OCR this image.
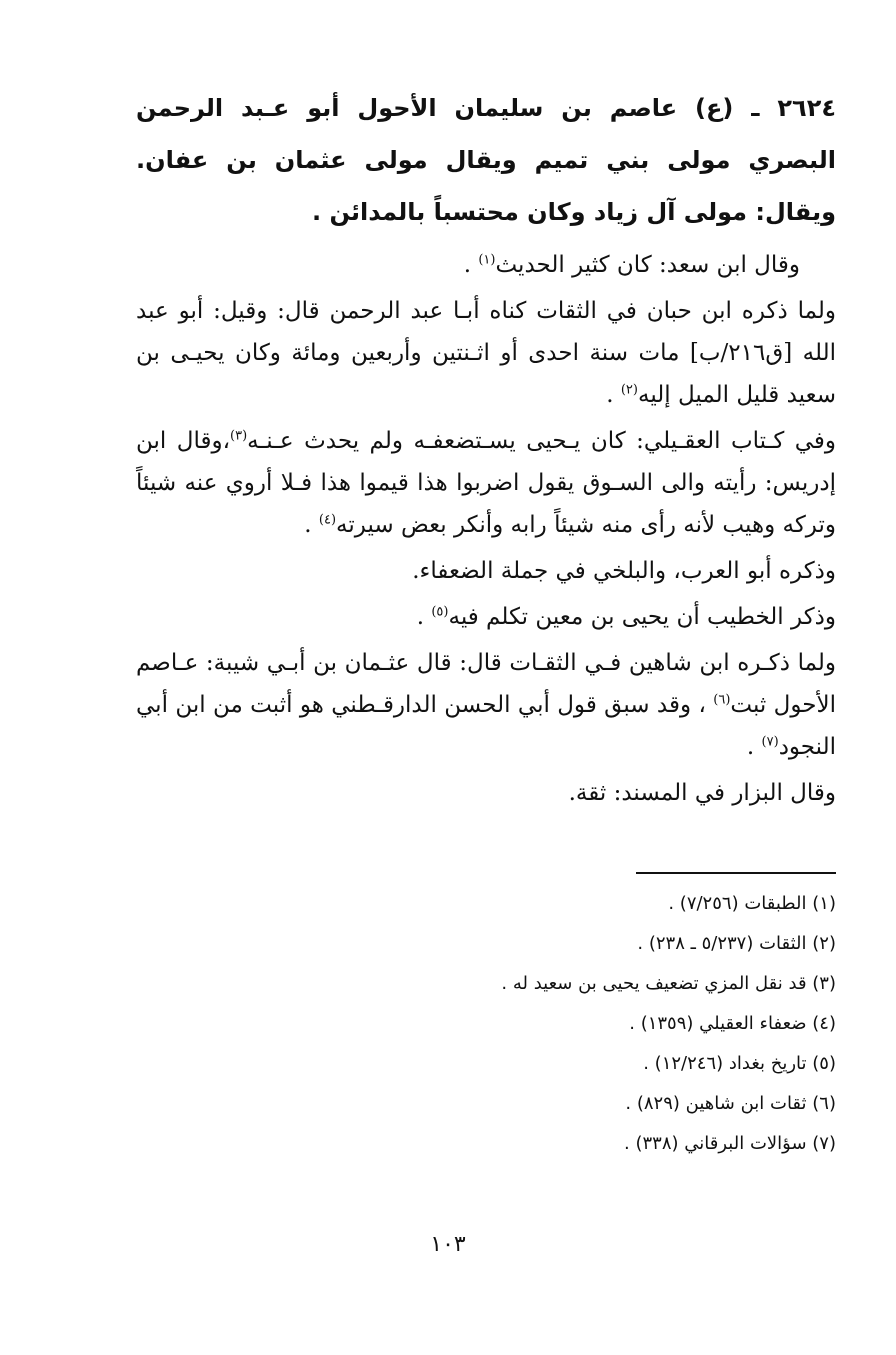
٢٦٢٤ ـ (ع) عاصم بن سليمان الأحول أبو عـبد الرحمن البصري مولى بني تميم ويقال مولى عثمان بن عفان. ويقال: مولى آل زياد وكان محتسباً بالمدائن .

وقال ابن سعد: كان كثير الحديث$^{(١)}$ .

ولما ذكره ابن حبان في الثقات كناه أبـا عبد الرحمن قال: وقيل: أبو عبد الله [ق٢١٦/ب] مات سنة احدى أو اثـنتين وأربعين ومائة وكان يحيـى بن سعيد قليل الميل إليه$^{(٢)}$ .

وفي كـتاب العقـيلي: كان يـحيى يسـتضعفـه ولم يحدث عـنـه$^{(٣)}$،وقال ابن إدريس: رأيته والى السـوق يقول اضربوا هذا قيموا هذا فـلا أروي عنه شيئاً وتركه وهيب لأنه رأى منه شيئاً رابه وأنكر بعض سيرته$^{(٤)}$ .

وذكره أبو العرب، والبلخي في جملة الضعفاء.

وذكر الخطيب أن يحيى بن معين تكلم فيه$^{(٥)}$ .

ولما ذكـره ابن شاهين فـي الثقـات قال: قال عثـمان بن أبـي شيبة: عـاصم الأحول ثبت$^{(٦)}$ ، وقد سبق قول أبي الحسن الدارقـطني هو أثبت من ابن أبي النجود$^{(٧)}$ .

وقال البزار في المسند: ثقة.

(١) الطبقات (٧/٢٥٦) .
(٢) الثقات (٥/٢٣٧ ـ ٢٣٨) .
(٣) قد نقل المزي تضعيف يحيى بن سعيد له .
(٤) ضعفاء العقيلي (١٣٥٩) .
(٥) تاريخ بغداد (١٢/٢٤٦) .
(٦) ثقات ابن شاهين (٨٢٩) .
(٧) سؤالات البرقاني (٣٣٨) .
١٠٣
